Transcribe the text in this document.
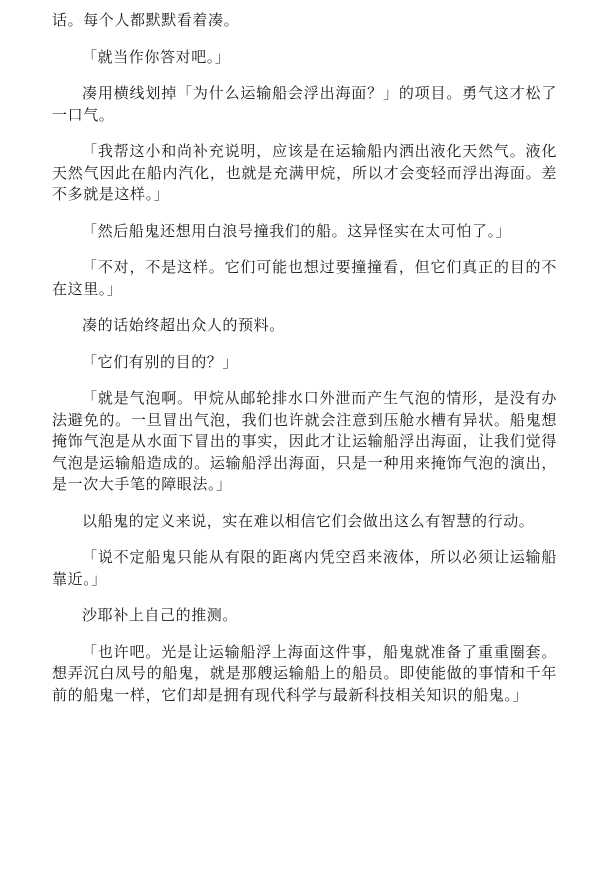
话。每个人都默默看着凑。

「就当作你答对吧。」

凑用横线划掉「为什么运输船会浮出海面？」的项目。勇气这才松了一口气。

「我帮这小和尚补充说明，应该是在运输船内洒出液化天然气。液化天然气因此在船内汽化，也就是充满甲烷，所以才会变轻而浮出海面。差不多就是这样。」

「然后船鬼还想用白浪号撞我们的船。这异怪实在太可怕了。」

「不对，不是这样。它们可能也想过要撞撞看，但它们真正的目的不在这里。」

凑的话始终超出众人的预料。

「它们有别的目的？」

「就是气泡啊。甲烷从邮轮排水口外泄而产生气泡的情形，是没有办法避免的。一旦冒出气泡，我们也许就会注意到压舱水槽有异状。船鬼想掩饰气泡是从水面下冒出的事实，因此才让运输船浮出海面，让我们觉得气泡是运输船造成的。运输船浮出海面，只是一种用来掩饰气泡的演出，是一次大手笔的障眼法。」

以船鬼的定义来说，实在难以相信它们会做出这么有智慧的行动。

「说不定船鬼只能从有限的距离内凭空舀来液体，所以必须让运输船靠近。」

沙耶补上自己的推测。

「也许吧。光是让运输船浮上海面这件事，船鬼就准备了重重圈套。想弄沉白凤号的船鬼，就是那艘运输船上的船员。即使能做的事情和千年前的船鬼一样，它们却是拥有现代科学与最新科技相关知识的船鬼。」
